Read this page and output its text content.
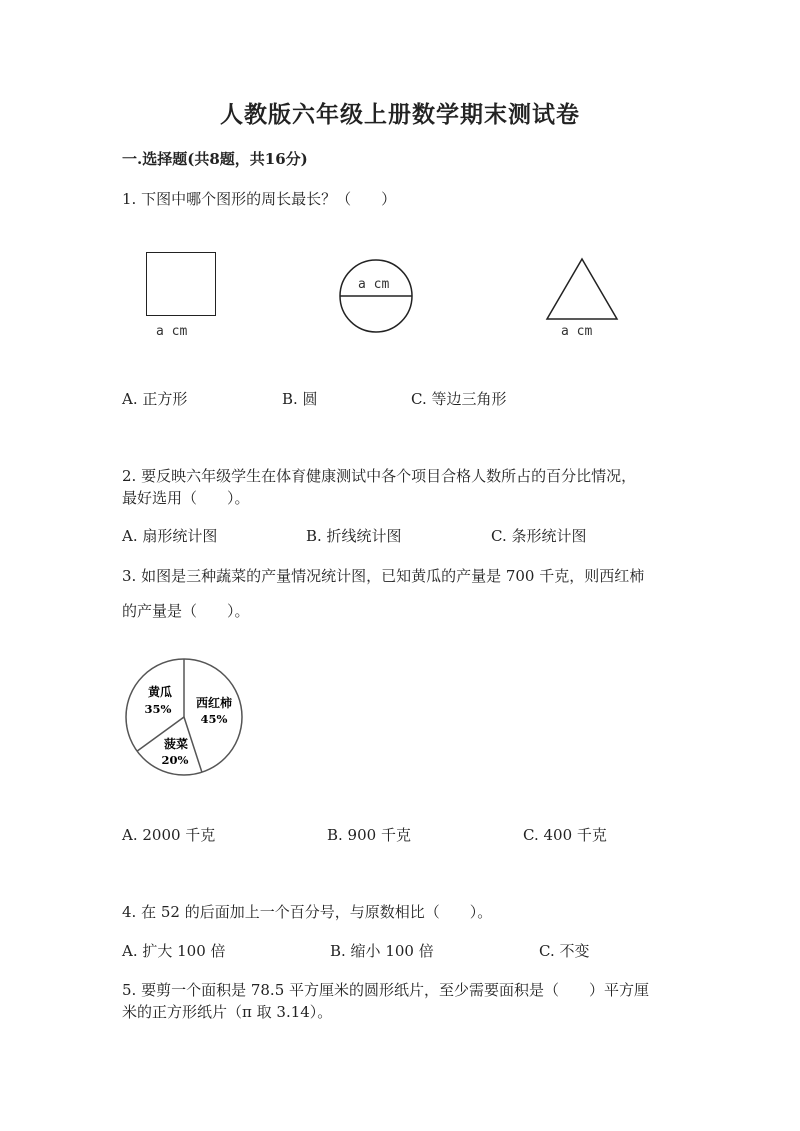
人教版六年级上册数学期末测试卷
一.选择题(共8题，共16分)
1. 下图中哪个图形的周长最长？（　　）
a cm
a cm
a cm
A. 正方形	B. 圆	C. 等边三角形
2. 要反映六年级学生在体育健康测试中各个项目合格人数所占的百分比情况，
最好选用（　　）。
A. 扇形统计图	B. 折线统计图	C. 条形统计图
3. 如图是三种蔬菜的产量情况统计图，已知黄瓜的产量是 700 千克，则西红柿
的产量是（　　）。
黄瓜
35% 西红柿
45%
菠菜
20%
A. 2000 千克	B. 900 千克	C. 400 千克
4. 在 52 的后面加上一个百分号，与原数相比（　　）。
A. 扩大 100 倍	B. 缩小 100 倍	C. 不变
5. 要剪一个面积是 78.5 平方厘米的圆形纸片，至少需要面积是（　　）平方厘
米的正方形纸片（π 取 3.14）。
